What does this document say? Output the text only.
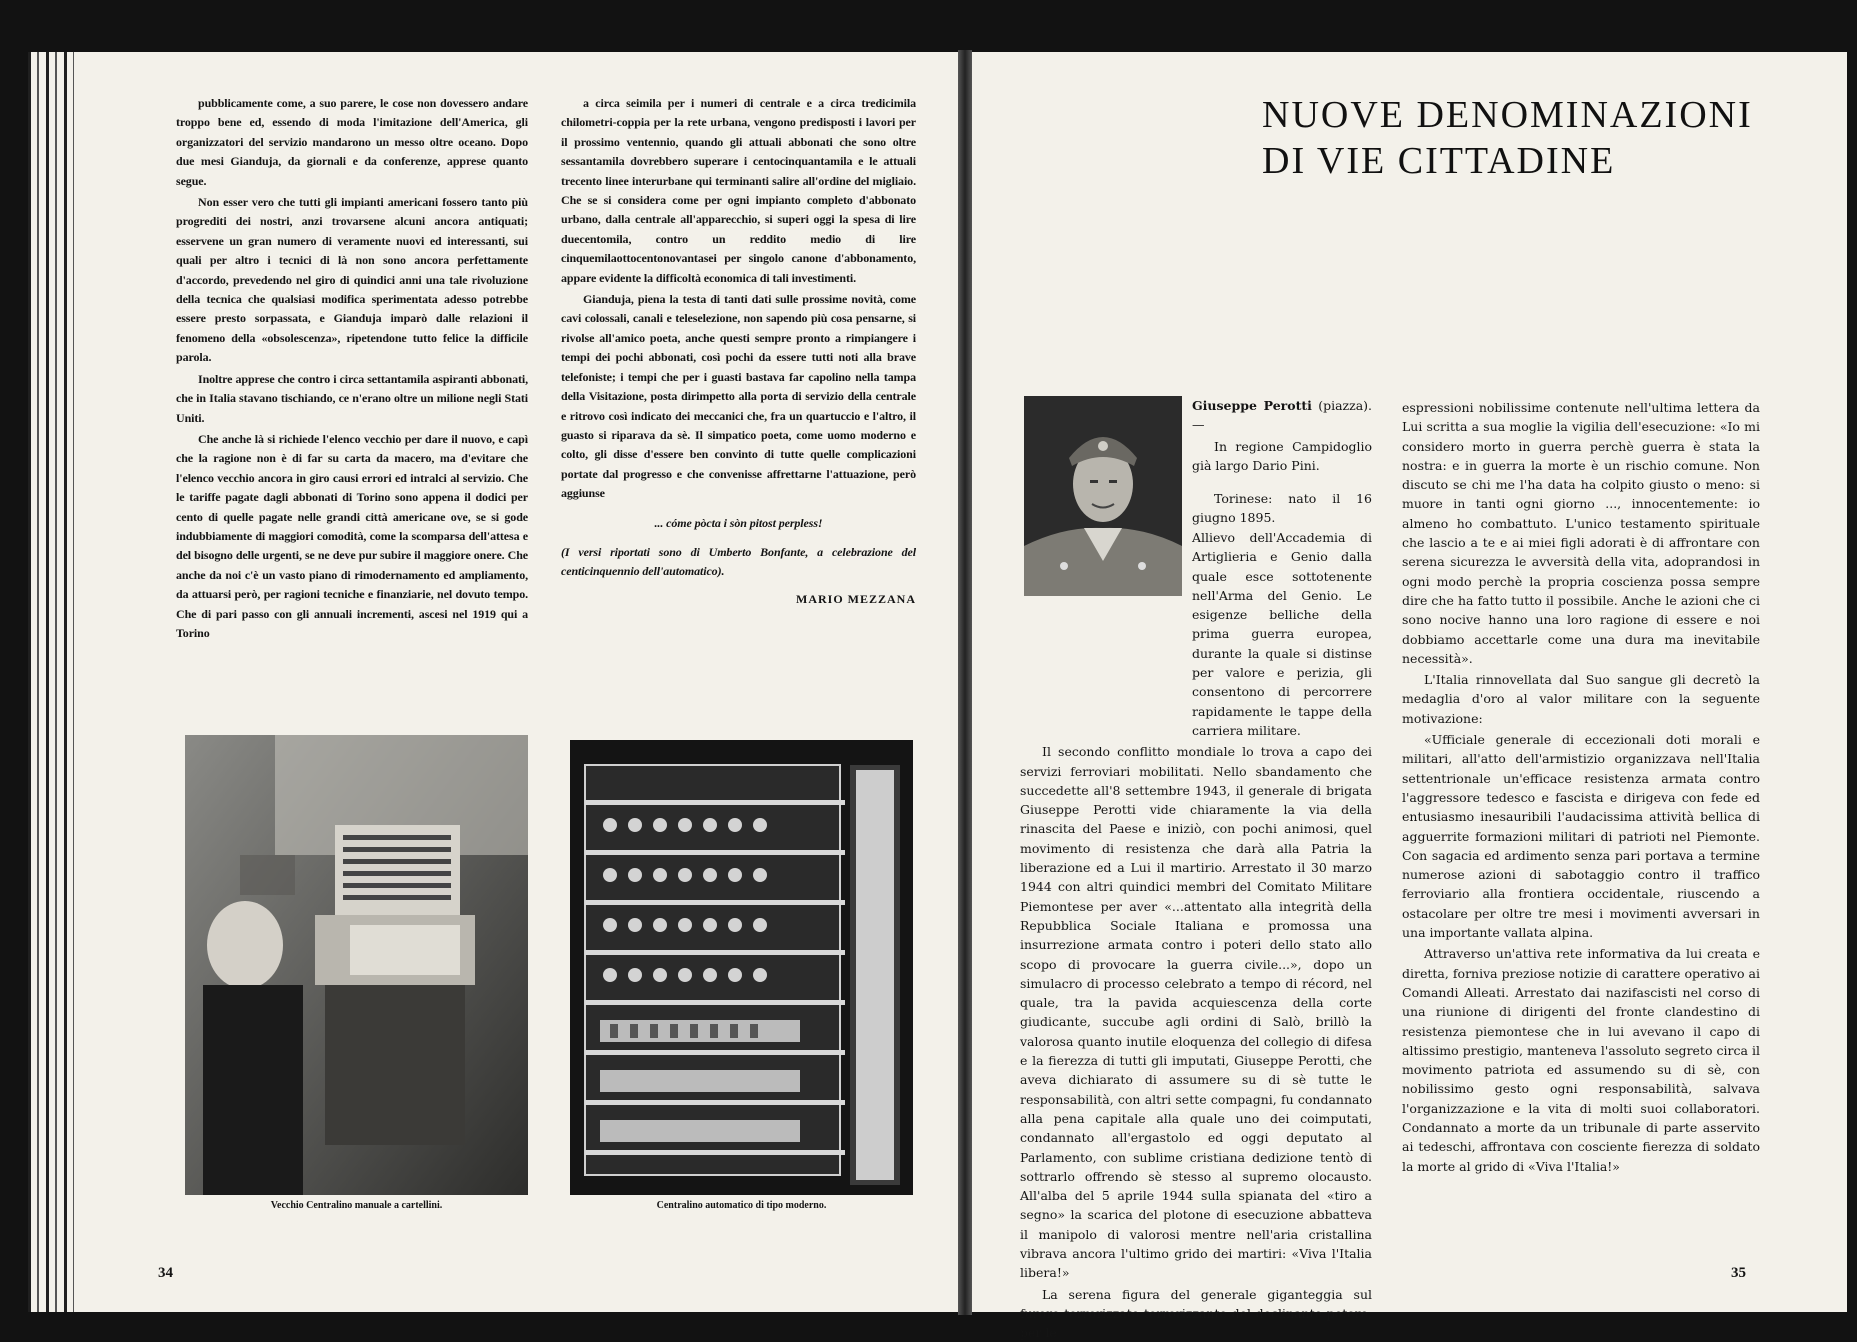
pubblicamente come, a suo parere, le cose non dovessero andare troppo bene ed, essendo di moda l'imitazione dell'America, gli organizzatori del servizio mandarono un messo oltre oceano. Dopo due mesi Gianduja, da giornali e da conferenze, apprese quanto segue.

Non esser vero che tutti gli impianti americani fossero tanto più progrediti dei nostri, anzi trovarsene alcuni ancora antiquati; esservene un gran numero di veramente nuovi ed interessanti, sui quali per altro i tecnici di là non sono ancora perfettamente d'accordo, prevedendo nel giro di quindici anni una tale rivoluzione della tecnica che qualsiasi modifica sperimentata adesso potrebbe essere presto sorpassata, e Gianduja imparò dalle relazioni il fenomeno della «obsolescenza», ripetendone tutto felice la difficile parola.

Inoltre apprese che contro i circa settantamila aspiranti abbonati, che in Italia stavano tischiando, ce n'erano oltre un milione negli Stati Uniti.

Che anche là si richiede l'elenco vecchio per dare il nuovo, e capì che la ragione non è di far su carta da macero, ma d'evitare che l'elenco vecchio ancora in giro causi errori ed intralci al servizio. Che le tariffe pagate dagli abbonati di Torino sono appena il dodici per cento di quelle pagate nelle grandi città americane ove, se si gode indubbiamente di maggiori comodità, come la scomparsa dell'attesa e del bisogno delle urgenti, se ne deve pur subire il maggiore onere. Che anche da noi c'è un vasto piano di rimodernamento ed ampliamento, da attuarsi però, per ragioni tecniche e finanziarie, nel dovuto tempo. Che di pari passo con gli annuali incrementi, ascesi nel 1919 qui a Torino

a circa seimila per i numeri di centrale e a circa tredicimila chilometri-coppia per la rete urbana, vengono predisposti i lavori per il prossimo ventennio, quando gli attuali abbonati che sono oltre sessantamila dovrebbero superare i centocinquantamila e le attuali trecento linee interurbane qui terminanti salire all'ordine del migliaio. Che se si considera come per ogni impianto completo d'abbonato urbano, dalla centrale all'apparecchio, si superi oggi la spesa di lire duecentomila, contro un reddito medio di lire cinquemilaottocentonovantasei per singolo canone d'abbonamento, appare evidente la difficoltà economica di tali investimenti.

Gianduja, piena la testa di tanti dati sulle prossime novità, come cavi colossali, canali e teleselezione, non sapendo più cosa pensarne, si rivolse all'amico poeta, anche questi sempre pronto a rimpiangere i tempi dei pochi abbonati, così pochi da essere tutti noti alla brave telefoniste; i tempi che per i guasti bastava far capolino nella tampa della Visitazione, posta dirimpetto alla porta di servizio della centrale e ritrovo così indicato dei meccanici che, fra un quartuccio e l'altro, il guasto si riparava da sè. Il simpatico poeta, come uomo moderno e colto, gli disse d'essere ben convinto di tutte quelle complicazioni portate dal progresso e che convenisse affrettarne l'attuazione, però aggiunse

... cóme pòcta i sòn pitost perpless!

(I versi riportati sono di Umberto Bonfante, a celebrazione del centicinquennio dell'automatico).

MARIO MEZZANA

Vecchio Centralino manuale a cartellini.	Centralino automatico di tipo moderno.
34
NUOVE DENOMINAZIONI
DI VIE CITTADINE

Giuseppe Perotti (piazza). —

In regione Campidoglio già largo Dario Pini.

Torinese: nato il 16 giugno 1895.

Allievo dell'Accademia di Artiglieria e Genio dalla quale esce sottotenente nell'Arma del Genio. Le esigenze belliche della prima guerra europea, durante la quale si distinse per valore e perizia, gli consentono di percorrere rapidamente le tappe della carriera militare.

Il secondo conflitto mondiale lo trova a capo dei servizi ferroviari mobilitati. Nello sbandamento che succedette all'8 settembre 1943, il generale di brigata Giuseppe Perotti vide chiaramente la via della rinascita del Paese e iniziò, con pochi animosi, quel movimento di resistenza che darà alla Patria la liberazione ed a Lui il martirio. Arrestato il 30 marzo 1944 con altri quindici membri del Comitato Militare Piemontese per aver «...attentato alla integrità della Repubblica Sociale Italiana e promossa una insurrezione armata contro i poteri dello stato allo scopo di provocare la guerra civile...», dopo un simulacro di processo celebrato a tempo di récord, nel quale, tra la pavida acquiescenza della corte giudicante, succube agli ordini di Salò, brillò la valorosa quanto inutile eloquenza del collegio di difesa e la fierezza di tutti gli imputati, Giuseppe Perotti, che aveva dichiarato di assumere su di sè tutte le responsabilità, con altri sette compagni, fu condannato alla pena capitale alla quale uno dei coimputati, condannato all'ergastolo ed oggi deputato al Parlamento, con sublime cristiana dedizione tentò di sottrarlo offrendo sè stesso al supremo olocausto. All'alba del 5 aprile 1944 sulla spianata del «tiro a segno» la scarica del plotone di esecuzione abbatteva il manipolo di valorosi mentre nell'aria cristallina vibrava ancora l'ultimo grido dei martiri: «Viva l'Italia libera!»

La serena figura del generale giganteggia sul furore terrorizzato terrorizzante del declinante potere, per le

espressioni nobilissime contenute nell'ultima lettera da Lui scritta a sua moglie la vigilia dell'esecuzione: «Io mi considero morto in guerra perchè guerra è stata la nostra: e in guerra la morte è un rischio comune. Non discuto se chi me l'ha data ha colpito giusto o meno: si muore in tanti ogni giorno ..., innocentemente: io almeno ho combattuto. L'unico testamento spirituale che lascio a te e ai miei figli adorati è di affrontare con serena sicurezza le avversità della vita, adoprandosi in ogni modo perchè la propria coscienza possa sempre dire che ha fatto tutto il possibile. Anche le azioni che ci sono nocive hanno una loro ragione di essere e noi dobbiamo accettarle come una dura ma inevitabile necessità».

L'Italia rinnovellata dal Suo sangue gli decretò la medaglia d'oro al valor militare con la seguente motivazione:

«Ufficiale generale di eccezionali doti morali e militari, all'atto dell'armistizio organizzava nell'Italia settentrionale un'efficace resistenza armata contro l'aggressore tedesco e fascista e dirigeva con fede ed entusiasmo inesauribili l'audacissima attività bellica di agguerrite formazioni militari di patrioti nel Piemonte. Con sagacia ed ardimento senza pari portava a termine numerose azioni di sabotaggio contro il traffico ferroviario alla frontiera occidentale, riuscendo a ostacolare per oltre tre mesi i movimenti avversari in una importante vallata alpina.

Attraverso un'attiva rete informativa da lui creata e diretta, forniva preziose notizie di carattere operativo ai Comandi Alleati. Arrestato dai nazifascisti nel corso di una riunione di dirigenti del fronte clandestino di resistenza piemontese che in lui avevano il capo di altissimo prestigio, manteneva l'assoluto segreto circa il movimento patriota ed assumendo su di sè, con nobilissimo gesto ogni responsabilità, salvava l'organizzazione e la vita di molti suoi collaboratori. Condannato a morte da un tribunale di parte asservito ai tedeschi, affrontava con cosciente fierezza di soldato la morte al grido di «Viva l'Italia!»

35
